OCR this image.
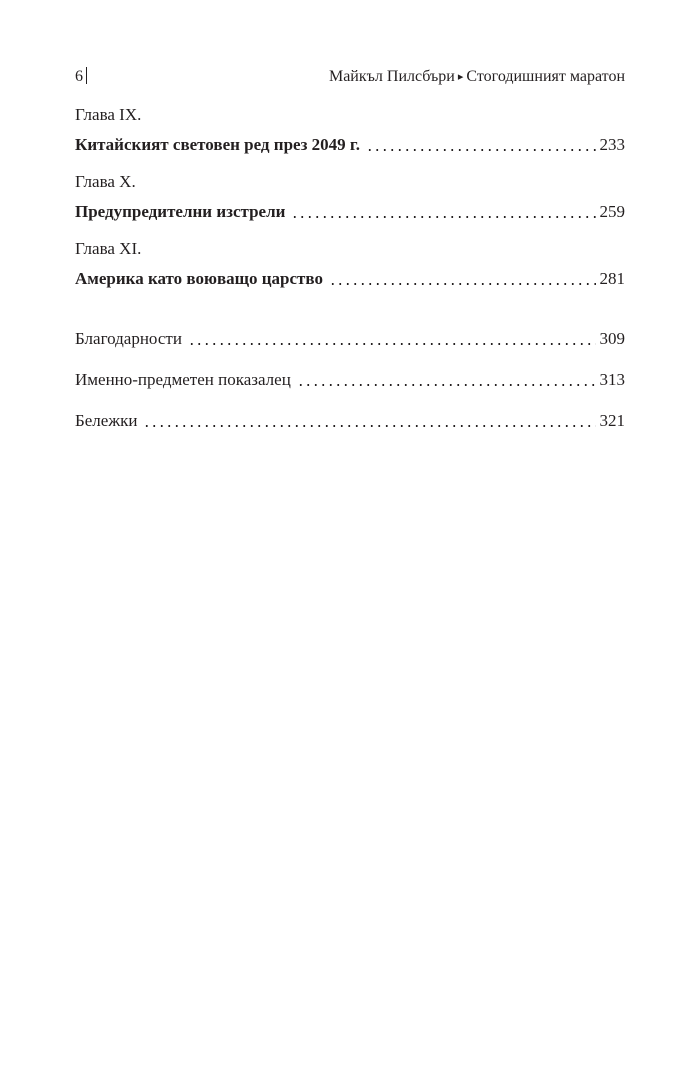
6	Майкъл Пилсбъри ▸ Стогодишният маратон
Глава IX.
Китайският световен ред през 2049 г.	233
Глава X.
Предупредителни изстрели	259
Глава XI.
Америка като воюващо царство	281
Благодарности	309
Именно-предметен показалец	313
Бележки	321
